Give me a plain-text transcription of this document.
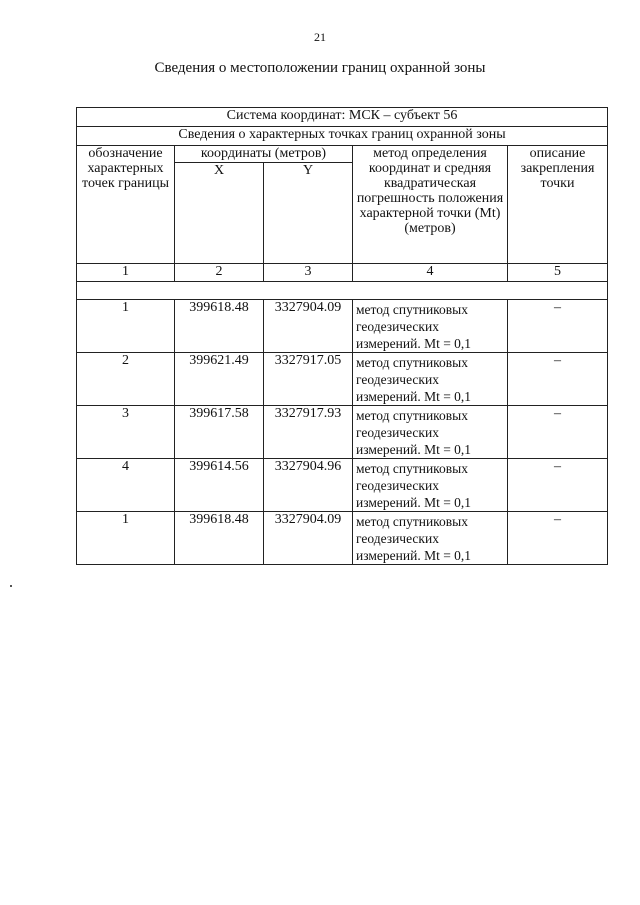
21
Сведения о местоположении границ охранной зоны
Система координат: МСК – субъект 56				
Сведения о характерных точках границ охранной зоны				
обозначение характерных точек границы	координаты (метров)		метод определения координат и средняя квадратическая погрешность положения характерной точки (Mt) (метров)	описание закрепления точки
	X	Y		
1	2	3	4	5

1	399618.48	3327904.09	метод спутниковых геодезических измерений. Mt = 0,1	–
2	399621.49	3327917.05	метод спутниковых геодезических измерений. Mt = 0,1	–
3	399617.58	3327917.93	метод спутниковых геодезических измерений. Mt = 0,1	–
4	399614.56	3327904.96	метод спутниковых геодезических измерений. Mt = 0,1	–
1	399618.48	3327904.09	метод спутниковых геодезических измерений. Mt = 0,1	–
